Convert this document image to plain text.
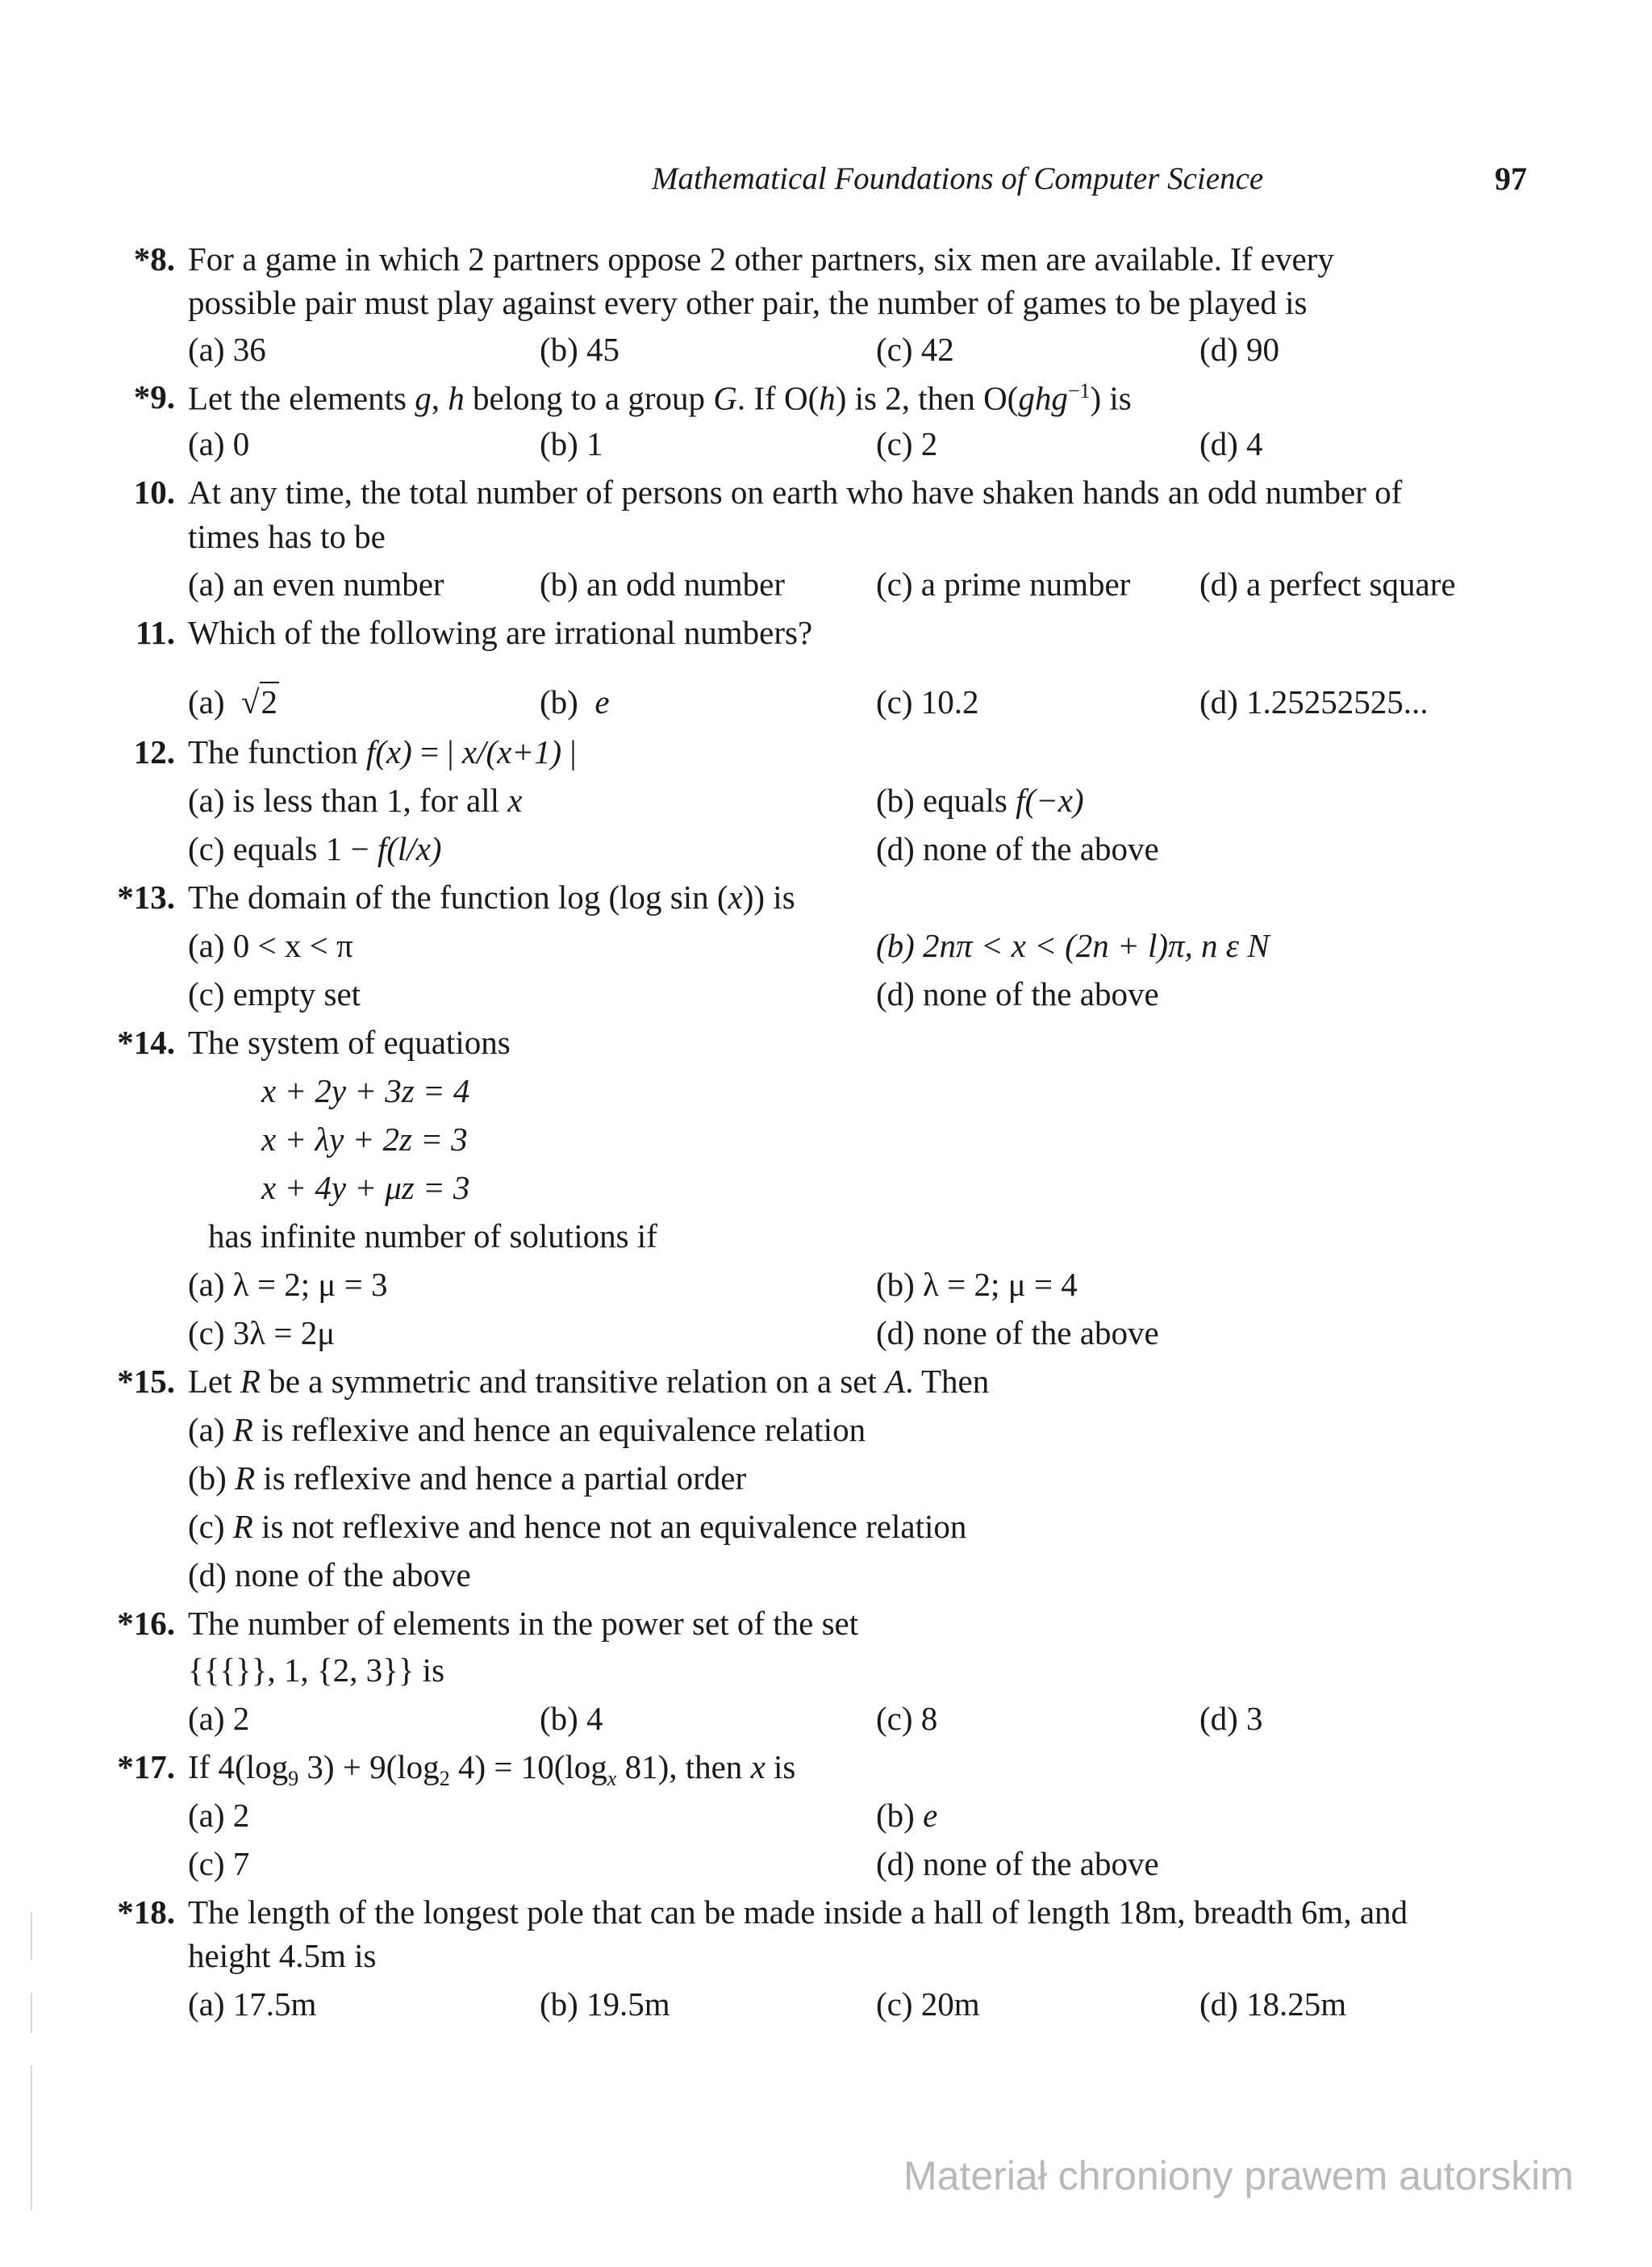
Mathematical Foundations of Computer Science	97
*8. For a game in which 2 partners oppose 2 other partners, six men are available. If every
possible pair must play against every other pair, the number of games to be played is
(a) 36	(b) 45	(c) 42	(d) 90
*9. Let the elements g, h belong to a group G. If O(h) is 2, then O(ghg$^{-1}$) is
(a) 0	(b) 1	(c) 2	(d) 4
10. At any time, the total number of persons on earth who have shaken hands an odd number of
times has to be
(a) an even number	(b) an odd number	(c) a prime number (d) a perfect square
11. Which of the following are irrational numbers?
(a) √2	(b) e	(c) 10.2	(d) 1.25252525...
12. The function f(x) = | x/(x+1) |
(a) is less than 1, for all x	(b) equals f(−x)
(c) equals 1 − f(l/x)	(d) none of the above
*13. The domain of the function log (log sin (x)) is
(a) 0 < x < π	(b) 2nπ < x < (2n + l)π, n ε N
(c) empty set	(d) none of the above
*14. The system of equations
x + 2y + 3z = 4
x + λy + 2z = 3
x + 4y + μz = 3
has infinite number of solutions if
(a) λ = 2; μ = 3	(b) λ = 2; μ = 4
(c) 3λ = 2μ	(d) none of the above
*15. Let R be a symmetric and transitive relation on a set A. Then
(a) R is reflexive and hence an equivalence relation
(b) R is reflexive and hence a partial order
(c) R is not reflexive and hence not an equivalence relation
(d) none of the above
*16. The number of elements in the power set of the set
{{{}}, 1, {2, 3}} is
(a) 2	(b) 4	(c) 8	(d) 3
*17. If $4(\log_9$ $3) + 9(\log_2$ $4) = 10(\log_x$ 81), then x is
(a) 2	(b) e
(c) 7	(d) none of the above
*18. The length of the longest pole that can be made inside a hall of length 18m, breadth 6m, and
height 4.5m is
(a) 17.5m	(b) 19.5m	(c) 20m	(d) 18.25m
Materiał chroniony prawem autorskim
